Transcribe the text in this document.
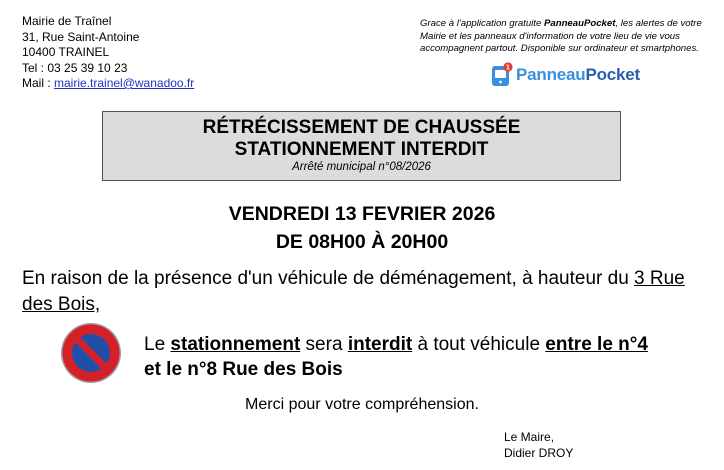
Mairie de Traînel
31, Rue Saint-Antoine
10400 TRAINEL
Tel : 03 25 39 10 23
Mail : mairie.trainel@wanadoo.fr
Grace à l'application gratuite PanneauPocket, les alertes de votre Mairie et les panneaux d'information de votre lieu de vie vous accompagnent partout. Disponible sur ordinateur et smartphones.
1 PanneauPocket
RÉTRÉCISSEMENT DE CHAUSSÉE
STATIONNEMENT INTERDIT
Arrêté municipal n°08/2026
VENDREDI 13 FEVRIER 2026
DE 08H00 À 20H00
En raison de la présence d'un véhicule de déménagement, à hauteur du 3 Rue des Bois,
Le stationnement sera interdit à tout véhicule entre le n°4
et le n°8 Rue des Bois
Merci pour votre compréhension.
Le Maire,
Didier DROY
